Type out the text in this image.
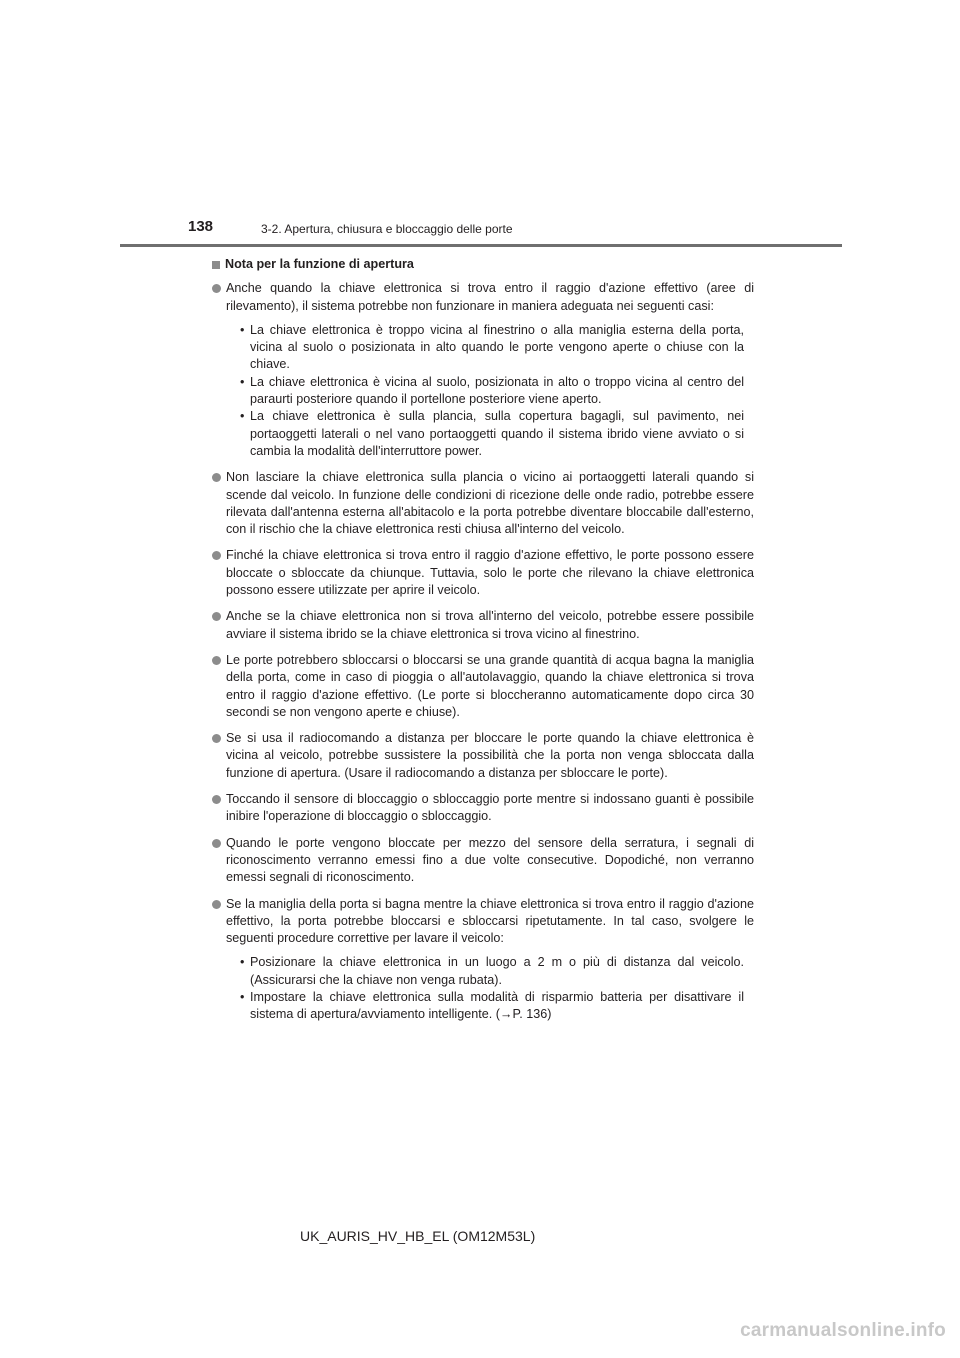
138	3-2. Apertura, chiusura e bloccaggio delle porte
Nota per la funzione di apertura
Anche quando la chiave elettronica si trova entro il raggio d'azione effettivo (aree di rilevamento), il sistema potrebbe non funzionare in maniera adeguata nei seguenti casi:
• La chiave elettronica è troppo vicina al finestrino o alla maniglia esterna della porta, vicina al suolo o posizionata in alto quando le porte vengono aperte o chiuse con la chiave.
• La chiave elettronica è vicina al suolo, posizionata in alto o troppo vicina al centro del paraurti posteriore quando il portellone posteriore viene aperto.
• La chiave elettronica è sulla plancia, sulla copertura bagagli, sul pavimento, nei portaoggetti laterali o nel vano portaoggetti quando il sistema ibrido viene avviato o si cambia la modalità dell'interruttore power.
Non lasciare la chiave elettronica sulla plancia o vicino ai portaoggetti laterali quando si scende dal veicolo. In funzione delle condizioni di ricezione delle onde radio, potrebbe essere rilevata dall'antenna esterna all'abitacolo e la porta potrebbe diventare bloccabile dall'esterno, con il rischio che la chiave elettronica resti chiusa all'interno del veicolo.
Finché la chiave elettronica si trova entro il raggio d'azione effettivo, le porte possono essere bloccate o sbloccate da chiunque. Tuttavia, solo le porte che rilevano la chiave elettronica possono essere utilizzate per aprire il veicolo.
Anche se la chiave elettronica non si trova all'interno del veicolo, potrebbe essere possibile avviare il sistema ibrido se la chiave elettronica si trova vicino al finestrino.
Le porte potrebbero sbloccarsi o bloccarsi se una grande quantità di acqua bagna la maniglia della porta, come in caso di pioggia o all'autolavaggio, quando la chiave elettronica si trova entro il raggio d'azione effettivo. (Le porte si bloccheranno automaticamente dopo circa 30 secondi se non vengono aperte e chiuse).
Se si usa il radiocomando a distanza per bloccare le porte quando la chiave elettronica è vicina al veicolo, potrebbe sussistere la possibilità che la porta non venga sbloccata dalla funzione di apertura. (Usare il radiocomando a distanza per sbloccare le porte).
Toccando il sensore di bloccaggio o sbloccaggio porte mentre si indossano guanti è possibile inibire l'operazione di bloccaggio o sbloccaggio.
Quando le porte vengono bloccate per mezzo del sensore della serratura, i segnali di riconoscimento verranno emessi fino a due volte consecutive. Dopodiché, non verranno emessi segnali di riconoscimento.
Se la maniglia della porta si bagna mentre la chiave elettronica si trova entro il raggio d'azione effettivo, la porta potrebbe bloccarsi e sbloccarsi ripetutamente. In tal caso, svolgere le seguenti procedure correttive per lavare il veicolo:
• Posizionare la chiave elettronica in un luogo a 2 m o più di distanza dal veicolo. (Assicurarsi che la chiave non venga rubata).
• Impostare la chiave elettronica sulla modalità di risparmio batteria per disattivare il sistema di apertura/avviamento intelligente. (→P. 136)
UK_AURIS_HV_HB_EL (OM12M53L)
carmanualsonline.info
